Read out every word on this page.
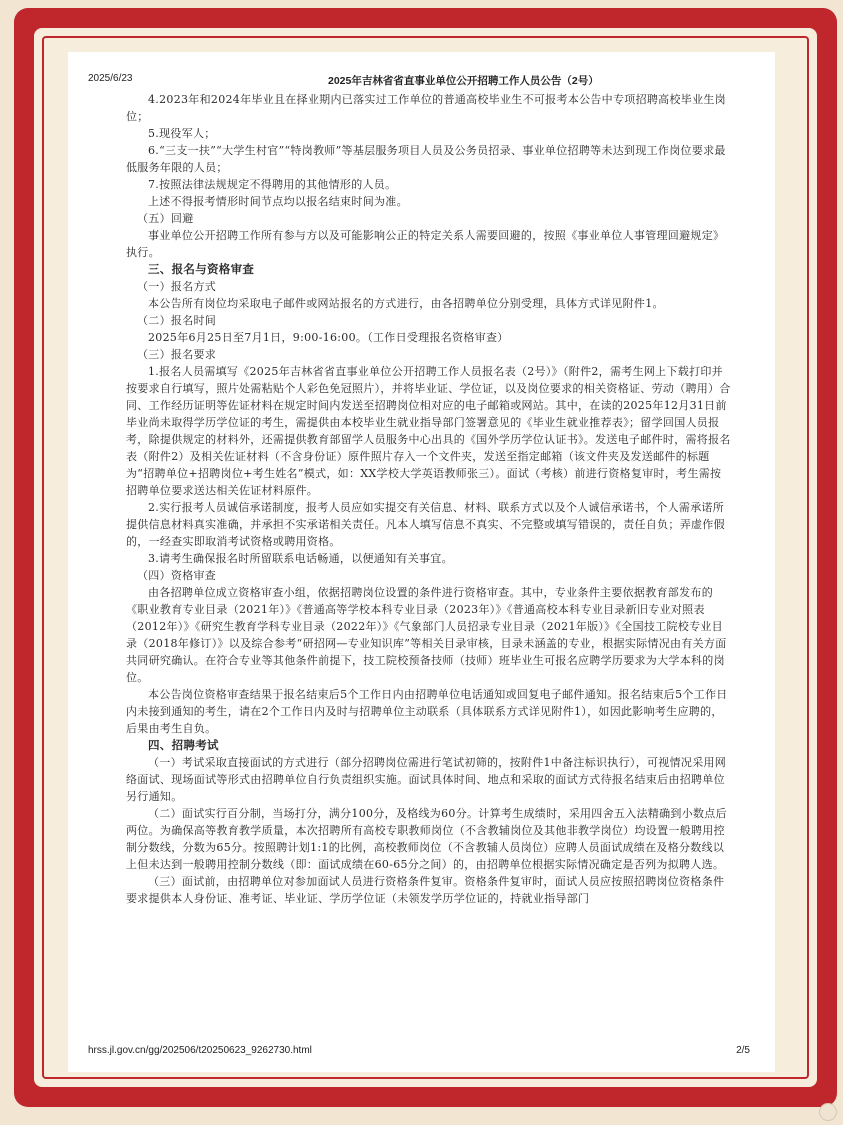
2025/6/23	2025年吉林省省直事业单位公开招聘工作人员公告（2号）

4.2023年和2024年毕业且在择业期内已落实过工作单位的普通高校毕业生不可报考本公告中专项招聘高校毕业生岗位；

5.现役军人；

6.“三支一扶”“大学生村官”“特岗教师”等基层服务项目人员及公务员招录、事业单位招聘等未达到现工作岗位要求最低服务年限的人员；

7.按照法律法规规定不得聘用的其他情形的人员。

上述不得报考情形时间节点均以报名结束时间为准。

（五）回避

事业单位公开招聘工作所有参与方以及可能影响公正的特定关系人需要回避的，按照《事业单位人事管理回避规定》执行。

三、报名与资格审查

（一）报名方式

本公告所有岗位均采取电子邮件或网站报名的方式进行，由各招聘单位分别受理，具体方式详见附件1。

（二）报名时间

2025年6月25日至7月1日，9:00-16:00。（工作日受理报名资格审查）

（三）报名要求

1.报名人员需填写《2025年吉林省省直事业单位公开招聘工作人员报名表（2号）》（附件2，需考生网上下载打印并按要求自行填写，照片处需粘贴个人彩色免冠照片），并将毕业证、学位证，以及岗位要求的相关资格证、劳动（聘用）合同、工作经历证明等佐证材料在规定时间内发送至招聘岗位相对应的电子邮箱或网站。其中，在读的2025年12月31日前毕业尚未取得学历学位证的考生，需提供由本校毕业生就业指导部门签署意见的《毕业生就业推荐表》；留学回国人员报考，除提供规定的材料外，还需提供教育部留学人员服务中心出具的《国外学历学位认证书》。发送电子邮件时，需将报名表（附件2）及相关佐证材料（不含身份证）原件照片存入一个文件夹，发送至指定邮箱（该文件夹及发送邮件的标题为“招聘单位+招聘岗位+考生姓名”模式，如：XX学校大学英语教师张三）。面试（考核）前进行资格复审时，考生需按招聘单位要求送达相关佐证材料原件。

2.实行报考人员诚信承诺制度，报考人员应如实提交有关信息、材料、联系方式以及个人诚信承诺书，个人需承诺所提供信息材料真实准确，并承担不实承诺相关责任。凡本人填写信息不真实、不完整或填写错误的，责任自负；弄虚作假的，一经查实即取消考试资格或聘用资格。

3.请考生确保报名时所留联系电话畅通，以便通知有关事宜。

（四）资格审查

由各招聘单位成立资格审查小组，依据招聘岗位设置的条件进行资格审查。其中，专业条件主要依据教育部发布的《职业教育专业目录（2021年）》《普通高等学校本科专业目录（2023年）》《普通高校本科专业目录新旧专业对照表（2012年）》《研究生教育学科专业目录（2022年）》《气象部门人员招录专业目录（2021年版）》《全国技工院校专业目录（2018年修订）》以及综合参考“研招网—专业知识库”等相关目录审核，目录未涵盖的专业，根据实际情况由有关方面共同研究确认。在符合专业等其他条件前提下，技工院校预备技师（技师）班毕业生可报名应聘学历要求为大学本科的岗位。

本公告岗位资格审查结果于报名结束后5个工作日内由招聘单位电话通知或回复电子邮件通知。报名结束后5个工作日内未接到通知的考生，请在2个工作日内及时与招聘单位主动联系（具体联系方式详见附件1），如因此影响考生应聘的，后果由考生自负。

四、招聘考试

（一）考试采取直接面试的方式进行（部分招聘岗位需进行笔试初筛的，按附件1中备注标识执行），可视情况采用网络面试、现场面试等形式由招聘单位自行负责组织实施。面试具体时间、地点和采取的面试方式待报名结束后由招聘单位另行通知。

（二）面试实行百分制，当场打分，满分100分，及格线为60分。计算考生成绩时，采用四舍五入法精确到小数点后两位。为确保高等教育教学质量，本次招聘所有高校专职教师岗位（不含教辅岗位及其他非教学岗位）均设置一般聘用控制分数线，分数为65分。按照聘计划1:1的比例，高校教师岗位（不含教辅人员岗位）应聘人员面试成绩在及格分数线以上但未达到一般聘用控制分数线（即：面试成绩在60-65分之间）的，由招聘单位根据实际情况确定是否列为拟聘人选。

（三）面试前，由招聘单位对参加面试人员进行资格条件复审。资格条件复审时，面试人员应按照招聘岗位资格条件要求提供本人身份证、准考证、毕业证、学历学位证（未领发学历学位证的，持就业指导部门

hrss.jl.gov.cn/gg/202506/t20250623_9262730.html	2/5
